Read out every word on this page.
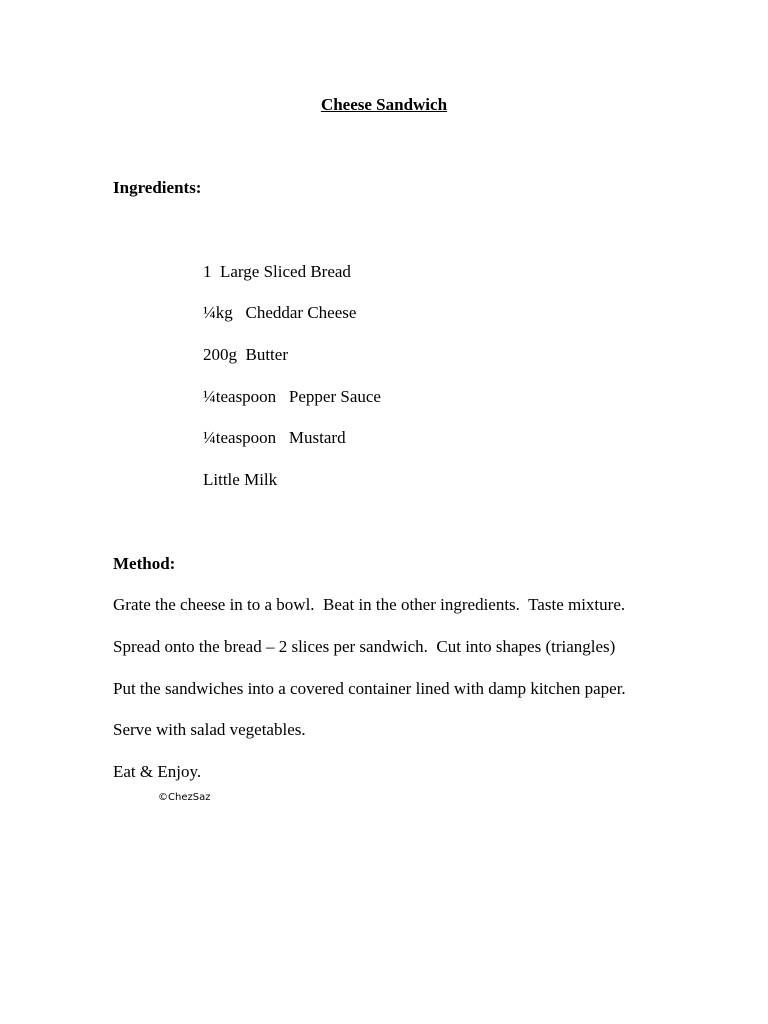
Cheese Sandwich
Ingredients:
1  Large Sliced Bread
¼kg   Cheddar Cheese
200g  Butter
¼teaspoon   Pepper Sauce
¼teaspoon   Mustard
Little Milk
Method:
Grate the cheese in to a bowl.  Beat in the other ingredients.  Taste mixture.
Spread onto the bread – 2 slices per sandwich.  Cut into shapes (triangles)
Put the sandwiches into a covered container lined with damp kitchen paper.
Serve with salad vegetables.
Eat & Enjoy.
©ChezSaz
